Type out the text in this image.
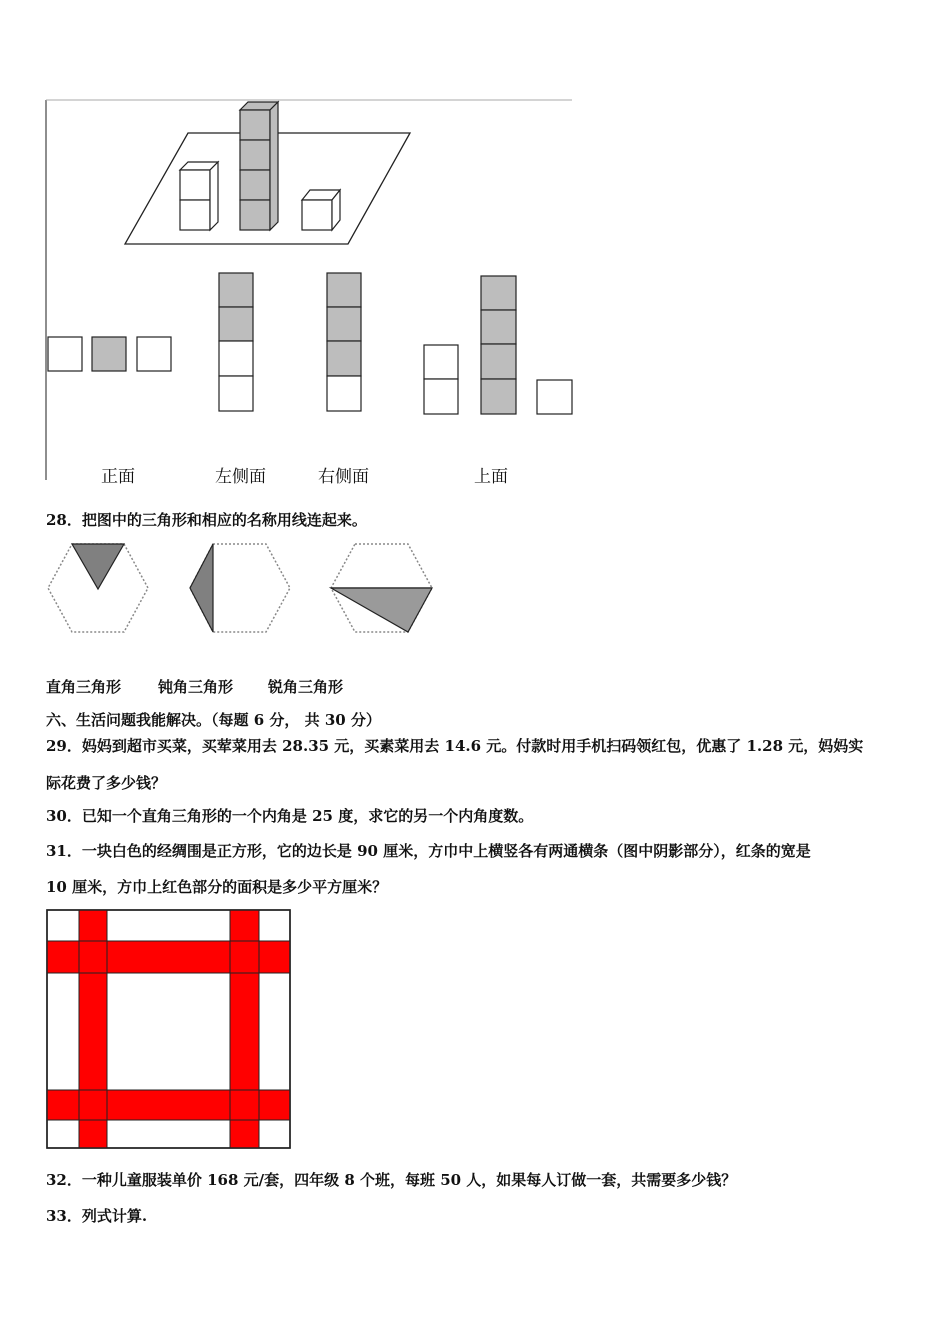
正面	左侧面	右侧面	上面
28．把图中的三角形和相应的名称用线连起来。
直角三角形 钝角三角形 锐角三角形
六、生活问题我能解决。（每题 6 分， 共 30 分）
29．妈妈到超市买菜，买荤菜用去 28.35 元，买素菜用去 14.6 元。付款时用手机扫码领红包，优惠了 1.28 元，妈妈实
际花费了多少钱？
30．已知一个直角三角形的一个内角是 25 度，求它的另一个内角度数。
31．一块白色的经绸围是正方形，它的边长是 90 厘米，方巾中上横竖各有两通横条（图中阴影部分），红条的宽是
10 厘米，方巾上红色部分的面积是多少平方厘米？
32．一种儿童服装单价 168 元/套，四年级 8 个班，每班 50 人，如果每人订做一套，共需要多少钱？
33．列式计算.
